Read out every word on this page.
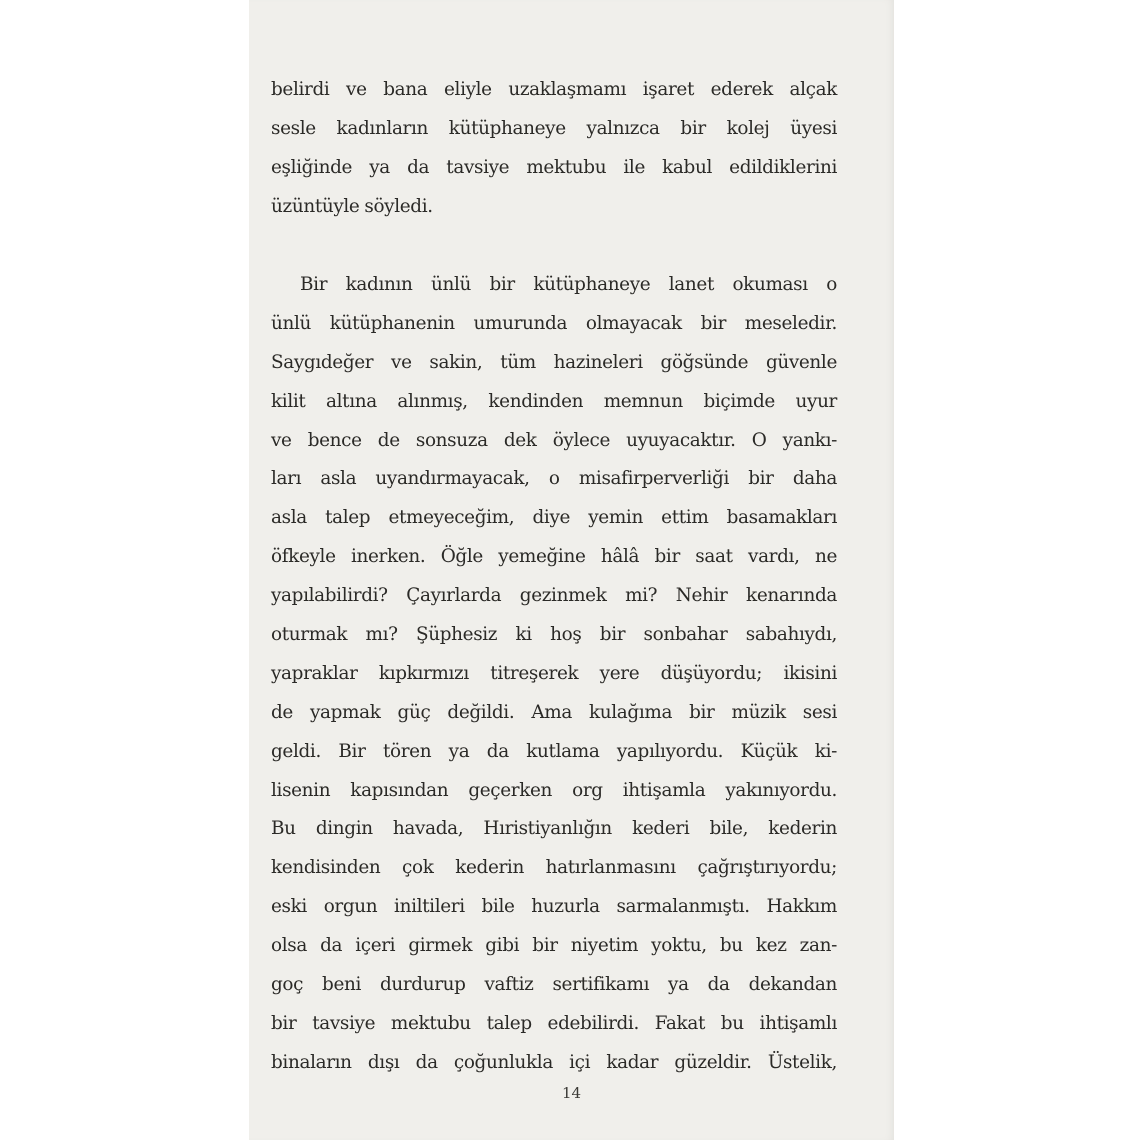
belirdi ve bana eliyle uzaklaşmamı işaret ederek alçak
sesle kadınların kütüphaneye yalnızca bir kolej üyesi
eşliğinde ya da tavsiye mektubu ile kabul edildiklerini
üzüntüyle söyledi.
Bir kadının ünlü bir kütüphaneye lanet okuması o
ünlü kütüphanenin umurunda olmayacak bir meseledir.
Saygıdeğer ve sakin, tüm hazineleri göğsünde güvenle
kilit altına alınmış, kendinden memnun biçimde uyur
ve bence de sonsuza dek öylece uyuyacaktır. O yankı-
ları asla uyandırmayacak, o misafirperverliği bir daha
asla talep etmeyeceğim, diye yemin ettim basamakları
öfkeyle inerken. Öğle yemeğine hâlâ bir saat vardı, ne
yapılabilirdi? Çayırlarda gezinmek mi? Nehir kenarında
oturmak mı? Şüphesiz ki hoş bir sonbahar sabahıydı,
yapraklar kıpkırmızı titreşerek yere düşüyordu; ikisini
de yapmak güç değildi. Ama kulağıma bir müzik sesi
geldi. Bir tören ya da kutlama yapılıyordu. Küçük ki-
lisenin kapısından geçerken org ihtişamla yakınıyordu.
Bu dingin havada, Hıristiyanlığın kederi bile, kederin
kendisinden çok kederin hatırlanmasını çağrıştırıyordu;
eski orgun iniltileri bile huzurla sarmalanmıştı. Hakkım
olsa da içeri girmek gibi bir niyetim yoktu, bu kez zan-
goç beni durdurup vaftiz sertifikamı ya da dekandan
bir tavsiye mektubu talep edebilirdi. Fakat bu ihtişamlı
binaların dışı da çoğunlukla içi kadar güzeldir. Üstelik,
14
